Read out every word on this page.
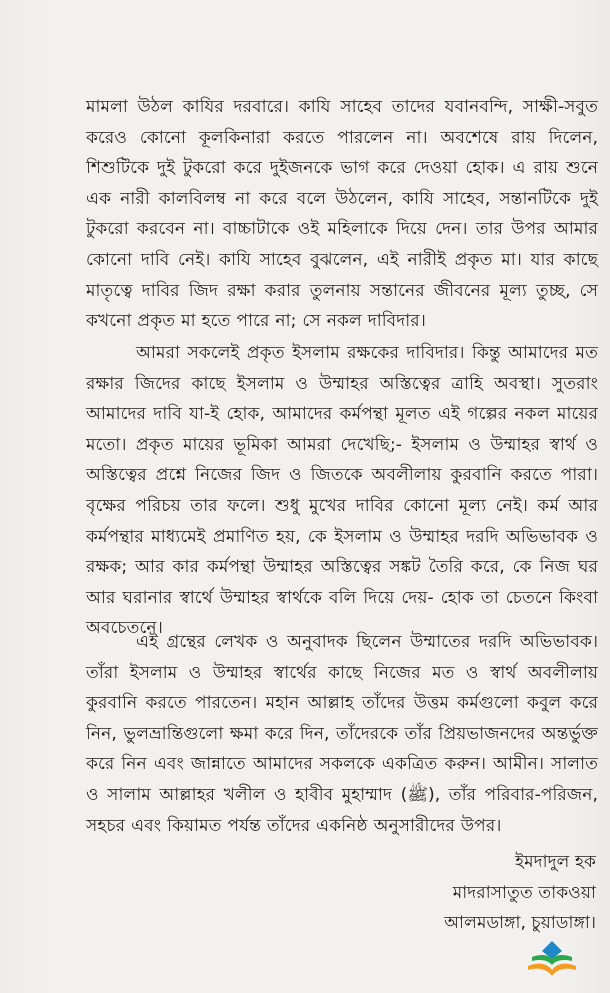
মামলা উঠল কাযির দরবারে। কাযি সাহেব তাদের যবানবন্দি, সাক্ষী-সবুত করেও কোনো কূলকিনারা করতে পারলেন না। অবশেষে রায় দিলেন, শিশুটিকে দুই টুকরো করে দুইজনকে ভাগ করে দেওয়া হোক। এ রায় শুনে এক নারী কালবিলম্ব না করে বলে উঠলেন, কাযি সাহেব, সন্তানটিকে দুই টুকরো করবেন না। বাচ্চাটাকে ওই মহিলাকে দিয়ে দেন। তার উপর আমার কোনো দাবি নেই। কাযি সাহেব বুঝলেন, এই নারীই প্রকৃত মা। যার কাছে মাতৃত্বে দাবির জিদ রক্ষা করার তুলনায় সন্তানের জীবনের মূল্য তুচ্ছ, সে কখনো প্রকৃত মা হতে পারে না; সে নকল দাবিদার।
আমরা সকলেই প্রকৃত ইসলাম রক্ষকের দাবিদার। কিন্তু আমাদের মত রক্ষার জিদের কাছে ইসলাম ও উম্মাহর অস্তিত্বের ত্রাহি অবস্থা। সুতরাং আমাদের দাবি যা-ই হোক, আমাদের কর্মপন্থা মূলত এই গল্পের নকল মায়ের মতো। প্রকৃত মায়ের ভূমিকা আমরা দেখেছি;- ইসলাম ও উম্মাহর স্বার্থ ও অস্তিত্বের প্রশ্নে নিজের জিদ ও জিতকে অবলীলায় কুরবানি করতে পারা। বৃক্ষের পরিচয় তার ফলে। শুধু মুখের দাবির কোনো মূল্য নেই। কর্ম আর কর্মপন্থার মাধ্যমেই প্রমাণিত হয়, কে ইসলাম ও উম্মাহর দরদি অভিভাবক ও রক্ষক; আর কার কর্মপন্থা উম্মাহর অস্তিত্বের সঙ্কট তৈরি করে, কে নিজ ঘর আর ঘরানার স্বার্থে উম্মাহর স্বার্থকে বলি দিয়ে দেয়- হোক তা চেতনে কিংবা অবচেতনে।
এই গ্রন্থের লেখক ও অনুবাদক ছিলেন উম্মাতের দরদি অভিভাবক। তাঁরা ইসলাম ও উম্মাহর স্বার্থের কাছে নিজের মত ও স্বার্থ অবলীলায় কুরবানি করতে পারতেন। মহান আল্লাহ তাঁদের উত্তম কর্মগুলো কবুল করে নিন, ভুলভ্রান্তিগুলো ক্ষমা করে দিন, তাঁদেরকে তাঁর প্রিয়ভাজনদের অন্তর্ভুক্ত করে নিন এবং জান্নাতে আমাদের সকলকে একত্রিত করুন। আমীন। সালাত ও সালাম আল্লাহর খলীল ও হাবীব মুহাম্মাদ (ﷺ), তাঁর পরিবার-পরিজন, সহচর এবং কিয়ামত পর্যন্ত তাঁদের একনিষ্ঠ অনুসারীদের উপর।
ইমদাদুল হক
মাদরাসাতুত তাকওয়া
আলমডাঙ্গা, চুয়াডাঙ্গা।
